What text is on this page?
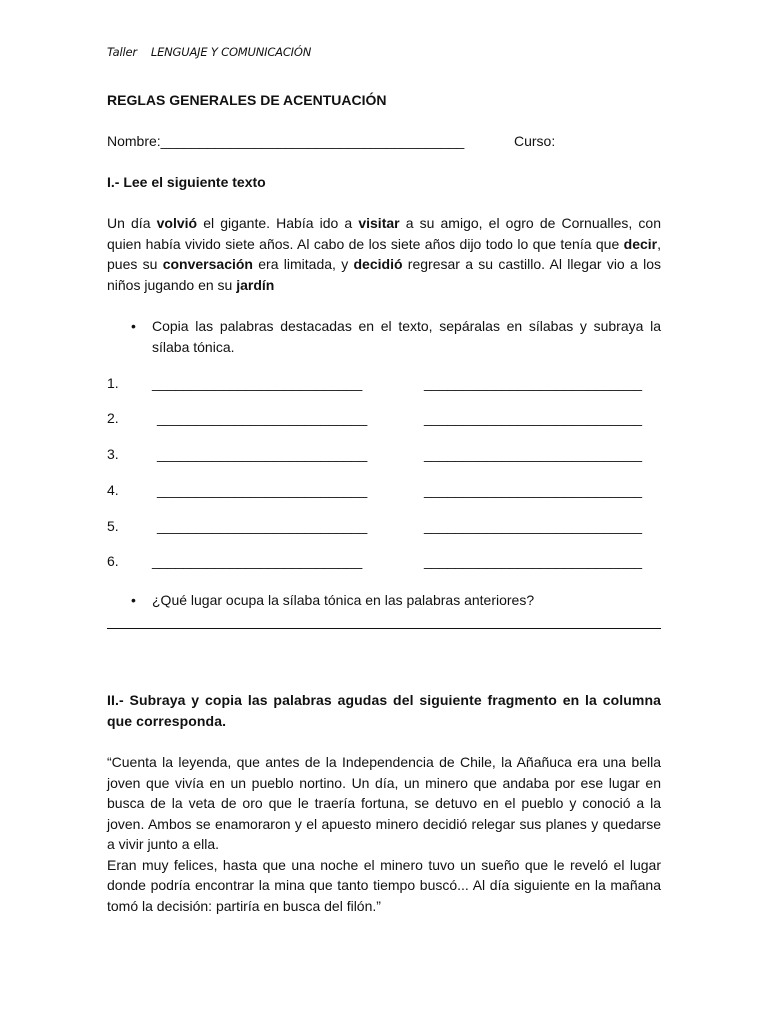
Taller LENGUAJE Y COMUNICACIÓN
REGLAS GENERALES DE ACENTUACIÓN
Nombre:_______________________________________	Curso:
I.- Lee el siguiente texto
Un día volvió el gigante. Había ido a visitar a su amigo, el ogro de Cornualles, con quien había vivido siete años. Al cabo de los siete años dijo todo lo que tenía que decir, pues su conversación era limitada, y decidió regresar a su castillo. Al llegar vio a los niños jugando en su jardín
• Copia las palabras destacadas en el texto, sepáralas en sílabas y subraya la sílaba tónica.
1. ___________________________	____________________________
2.	___________________________	____________________________
3.	___________________________	____________________________
4.	___________________________	____________________________
5.	___________________________	____________________________
6. ___________________________	____________________________
• ¿Qué lugar ocupa la sílaba tónica en las palabras anteriores?
II.- Subraya y copia las palabras agudas del siguiente fragmento en la columna que corresponda.

“Cuenta la leyenda, que antes de la Independencia de Chile, la Añañuca era una bella joven que vivía en un pueblo nortino. Un día, un minero que andaba por ese lugar en busca de la veta de oro que le traería fortuna, se detuvo en el pueblo y conoció a la joven. Ambos se enamoraron y el apuesto minero decidió relegar sus planes y quedarse a vivir junto a ella.

Eran muy felices, hasta que una noche el minero tuvo un sueño que le reveló el lugar donde podría encontrar la mina que tanto tiempo buscó... Al día siguiente en la mañana tomó la decisión: partiría en busca del filón.”
